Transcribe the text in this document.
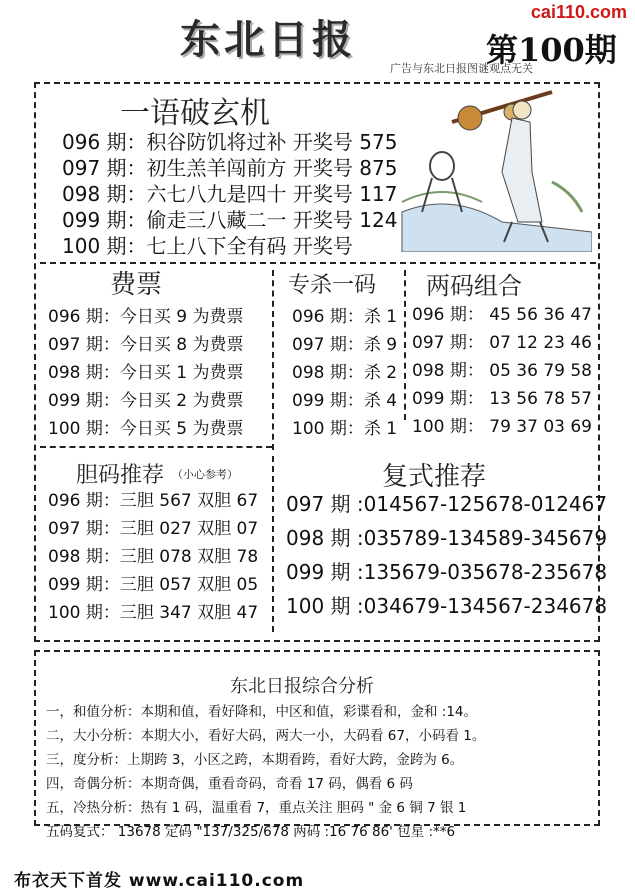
cai110.com
东北日报	第100期
广告与东北日报图谜观点无关
一语破玄机
096 期：积谷防饥将过补 开奖号 575
097 期：初生羔羊闯前方 开奖号 875
098 期：六七八九是四十 开奖号 117
099 期：偷走三八藏二一 开奖号 124
100 期：七上八下全有码 开奖号
费票
096 期：今日买 9 为费票
097 期：今日买 8 为费票
098 期：今日买 1 为费票
099 期：今日买 2 为费票
100 期：今日买 5 为费票
专杀一码
096 期：杀 1
097 期：杀 9
098 期：杀 2
099 期：杀 4
100 期：杀 1
两码组合
096 期： 45 56 36 47
097 期： 07 12 23 46
098 期： 05 36 79 58
099 期： 13 56 78 57
100 期： 79 37 03 69
胆码推荐 （小心参考）
096 期：三胆 567 双胆 67
097 期：三胆 027 双胆 07
098 期：三胆 078 双胆 78
099 期：三胆 057 双胆 05
100 期：三胆 347 双胆 47
复式推荐
097 期 :014567-125678-012467
098 期 :035789-134589-345679
099 期 :135679-035678-235678
100 期 :034679-134567-234678
东北日报综合分析
一，和值分析：本期和值，看好降和，中区和值，彩谍看和，金和 :14。
二，大小分析：本期大小，看好大码，两大一小，大码看 67，小码看 1。
三，度分析：上期跨 3，小区之跨，本期看跨，看好大跨，金跨为 6。
四，奇偶分析：本期奇偶，重看奇码，奇看 17 码，偶看 6 码
五，冷热分析：热有 1 码，温重看 7，重点关注 胆码 " 金 6 铜 7 银 1
五码复式： 13678 定码 "137/325/678 两码 :16 76 86' 包星 :**6
布衣天下首发 www.cai110.com
